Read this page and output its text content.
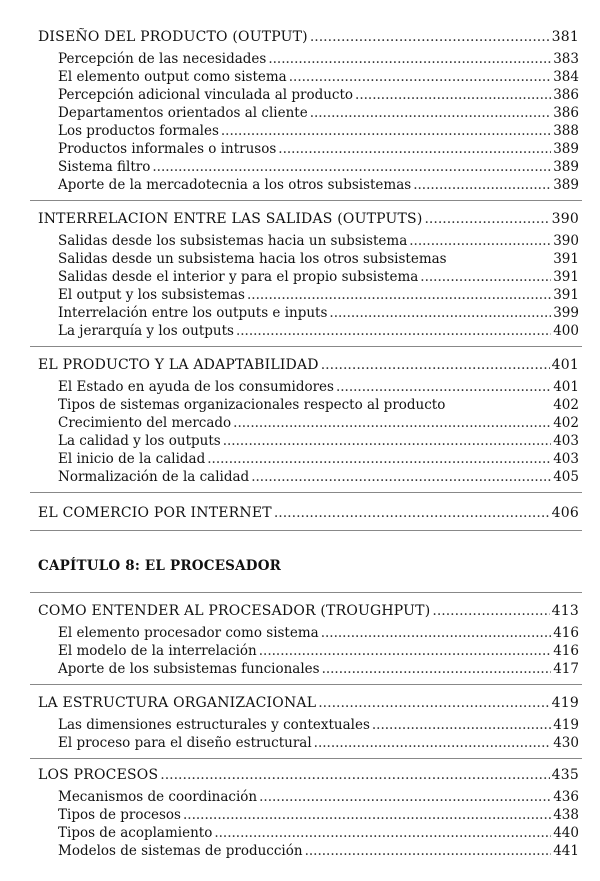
DISEÑO DEL PRODUCTO (OUTPUT) .....	381
Percepción de las necesidades .....	383
El elemento output como sistema .....	384
Percepción adicional vinculada al producto .....	386
Departamentos orientados al cliente .....	386
Los productos formales .....	388
Productos informales o intrusos .....	389
Sistema filtro .....	389
Aporte de la mercadotecnia a los otros subsistemas .....	389
INTERRELACION ENTRE LAS SALIDAS (OUTPUTS) .....	390
Salidas desde los subsistemas hacia un subsistema .....	390
Salidas desde un subsistema hacia los otros subsistemas	391
Salidas desde el interior y para el propio subsistema .....	391
El output y los subsistemas .....	391
Interrelación entre los outputs e inputs .....	399
La jerarquía y los outputs .....	400
EL PRODUCTO Y LA ADAPTABILIDAD .....	401
El Estado en ayuda de los consumidores .....	401
Tipos de sistemas organizacionales respecto al producto	402
Crecimiento del mercado .....	402
La calidad y los outputs .....	403
El inicio de la calidad .....	403
Normalización de la calidad .....	405
EL COMERCIO POR INTERNET .....	406
CAPÍTULO 8: EL PROCESADOR
COMO ENTENDER AL PROCESADOR (TROUGHPUT) .....	413
El elemento procesador como sistema .....	416
El modelo de la interrelación .....	416
Aporte de los subsistemas funcionales .....	417
LA ESTRUCTURA ORGANIZACIONAL .....	419
Las dimensiones estructurales y contextuales .....	419
El proceso para el diseño estructural .....	430
LOS PROCESOS .....	435
Mecanismos de coordinación .....	436
Tipos de procesos .....	438
Tipos de acoplamiento .....	440
Modelos de sistemas de producción .....	441
